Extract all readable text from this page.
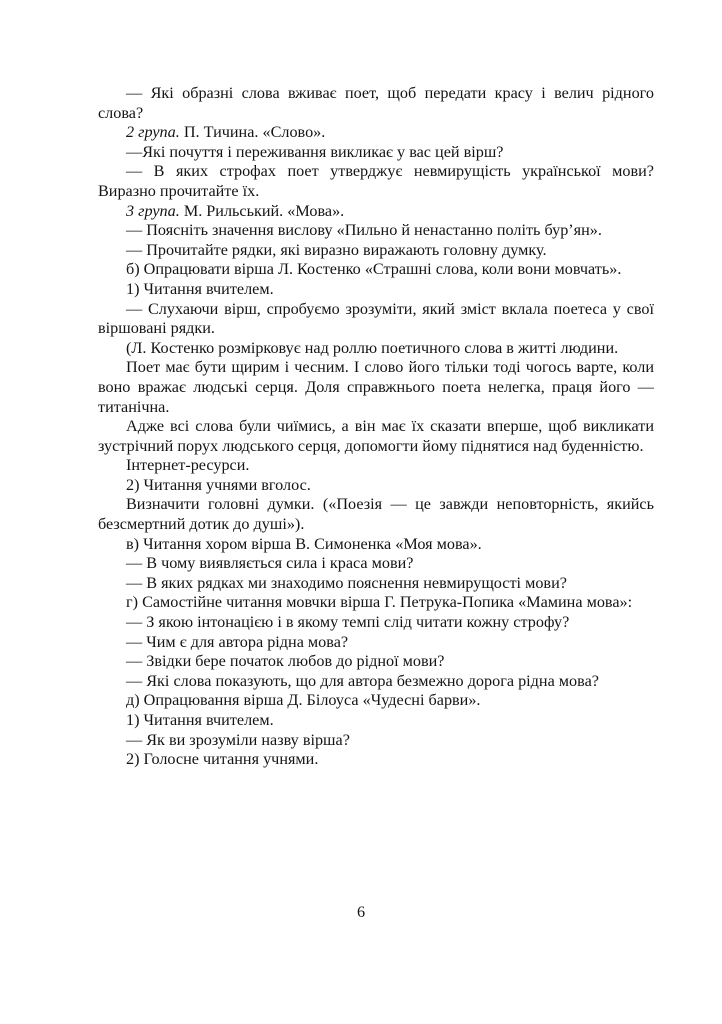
— Які образні слова вживає поет, щоб передати красу і велич рідного слова?

2 група. П. Тичина. «Слово».

—Які почуття і переживання викликає у вас цей вірш?

— В яких строфах поет утверджує невмирущість української мови? Виразно прочитайте їх.

3 група. М. Рильський. «Мова».

— Поясніть значення вислову «Пильно й ненастанно політь бур’ян».

— Прочитайте рядки, які виразно виражають головну думку.

б) Опрацювати вірша Л. Костенко «Страшні слова, коли вони мовчать».

1) Читання вчителем.

— Слухаючи вірш, спробуємо зрозуміти, який зміст вклала поетеса у свої віршовані рядки.

(Л. Костенко розмірковує над роллю поетичного слова в житті людини.

Поет має бути щирим і чесним. І слово його тільки тоді чогось варте, коли воно вражає людські серця. Доля справжнього поета нелегка, праця його — титанічна.

Адже всі слова були чиїмись, а він має їх сказати вперше, щоб викликати зустрічний порух людського серця, допомогти йому піднятися над буденністю.

Інтернет-ресурси.

2) Читання учнями вголос.

Визначити головні думки. («Поезія — це завжди неповторність, якийсь безсмертний дотик до душі»).

в) Читання хором вірша В. Симоненка «Моя мова».

— В чому виявляється сила і краса мови?

— В яких рядках ми знаходимо пояснення невмирущості мови?

г) Самостійне читання мовчки вірша Г. Петрука-Попика «Мамина мова»:

— З якою інтонацією і в якому темпі слід читати кожну строфу?

— Чим є для автора рідна мова?

— Звідки бере початок любов до рідної мови?

— Які слова показують, що для автора безмежно дорога рідна мова?

д) Опрацювання вірша Д. Білоуса «Чудесні барви».

1) Читання вчителем.

— Як ви зрозуміли назву вірша?

2) Голосне читання учнями.

6
